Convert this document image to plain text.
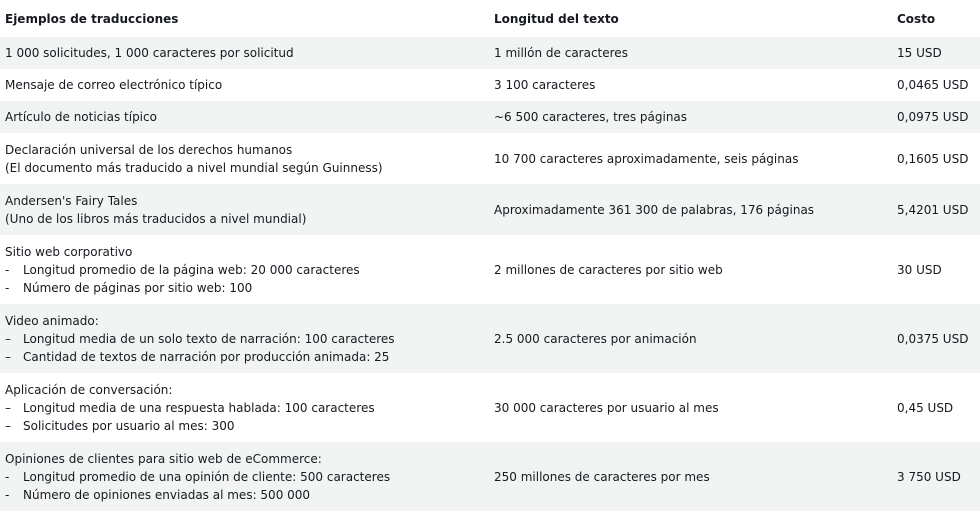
Ejemplos de traducciones	Longitud del texto	Costo
1 000 solicitudes, 1 000 caracteres por solicitud	1 millón de caracteres	15 USD
Mensaje de correo electrónico típico	3 100 caracteres	0,0465 USD
Artículo de noticias típico	~6 500 caracteres, tres páginas	0,0975 USD
Declaración universal de los derechos humanos
(El documento más traducido a nivel mundial según Guinness)
10 700 caracteres aproximadamente, seis páginas	0,1605 USD
Andersen's Fairy Tales
(Uno de los libros más traducidos a nivel mundial)
Aproximadamente 361 300 de palabras, 176 páginas	5,4201 USD
Sitio web corporativo
-	Longitud promedio de la página web: 20 000 caracteres
-	Número de páginas por sitio web: 100
2 millones de caracteres por sitio web	30 USD
Video animado:
–	Longitud media de un solo texto de narración: 100 caracteres
–	Cantidad de textos de narración por producción animada: 25
2.5 000 caracteres por animación	0,0375 USD
Aplicación de conversación:
–	Longitud media de una respuesta hablada: 100 caracteres
–	Solicitudes por usuario al mes: 300
30 000 caracteres por usuario al mes	0,45 USD
Opiniones de clientes para sitio web de eCommerce:
-	Longitud promedio de una opinión de cliente: 500 caracteres
-	Número de opiniones enviadas al mes: 500 000
250 millones de caracteres por mes	3 750 USD
